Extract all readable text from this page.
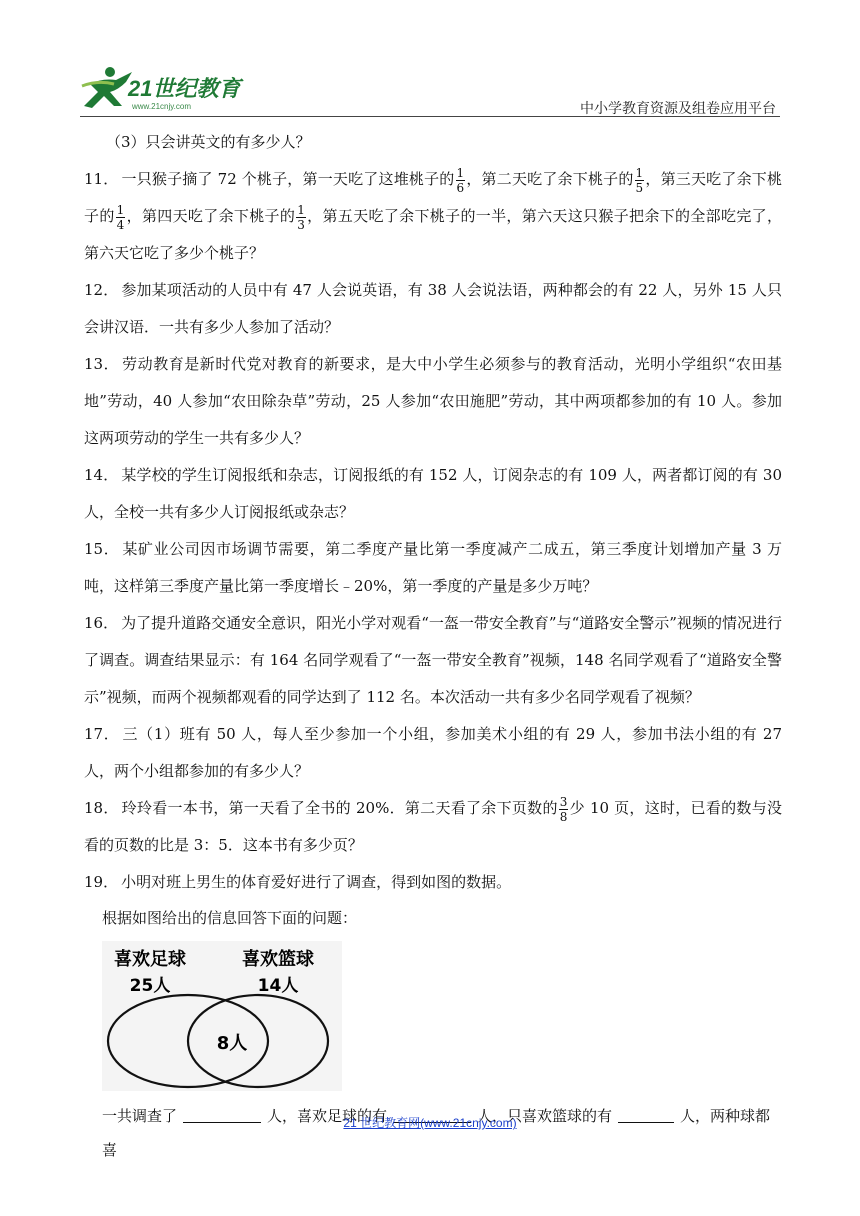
21世纪教育
www.21cnjy.com	中小学教育资源及组卷应用平台
（3）只会讲英文的有多少人？
11． 一只猴子摘了 72 个桃子，第一天吃了这堆桃子的 $\frac{1}{6}$ ，第二天吃了余下桃子的 $\frac{1}{5}$ ，第三天吃了余下桃子的 $\frac{1}{4}$ ，第四天吃了余下桃子的 $\frac{1}{3}$ ，第五天吃了余下桃子的一半，第六天这只猴子把余下的全部吃完了，第六天它吃了多少个桃子？
12． 参加某项活动的人员中有 47 人会说英语，有 38 人会说法语，两种都会的有 22 人，另外 15 人只会讲汉语．一共有多少人参加了活动？
13． 劳动教育是新时代党对教育的新要求，是大中小学生必须参与的教育活动，光明小学组织“农田基地”劳动，40 人参加“农田除杂草”劳动，25 人参加“农田施肥”劳动，其中两项都参加的有 10 人。参加这两项劳动的学生一共有多少人？
14． 某学校的学生订阅报纸和杂志，订阅报纸的有 152 人，订阅杂志的有 109 人，两者都订阅的有 30 人，全校一共有多少人订阅报纸或杂志？
15． 某矿业公司因市场调节需要，第二季度产量比第一季度减产二成五，第三季度计划增加产量 3 万吨，这样第三季度产量比第一季度增长﹣20%，第一季度的产量是多少万吨？
16． 为了提升道路交通安全意识，阳光小学对观看“一盔一带安全教育”与“道路安全警示”视频的情况进行了调查。调查结果显示：有 164 名同学观看了“一盔一带安全教育”视频，148 名同学观看了“道路安全警示”视频，而两个视频都观看的同学达到了 112 名。本次活动一共有多少名同学观看了视频？
17． 三（1）班有 50 人，每人至少参加一个小组，参加美术小组的有 29 人，参加书法小组的有 27 人，两个小组都参加的有多少人？
18． 玲玲看一本书，第一天看了全书的 20%．第二天看了余下页数的 $\frac{3}{8}$ 少 10 页，这时，已看的数与没看的页数的比是 3：5．这本书有多少页？
19． 小明对班上男生的体育爱好进行了调查，得到如图的数据。
根据如图给出的信息回答下面的问题：
喜欢足球
25人
喜欢篮球
14人
8人
一共调查了	人，喜欢足球的有	人，只喜欢篮球的有	人，两种球都喜
21 世纪教育网(www.21cnjy.com)
